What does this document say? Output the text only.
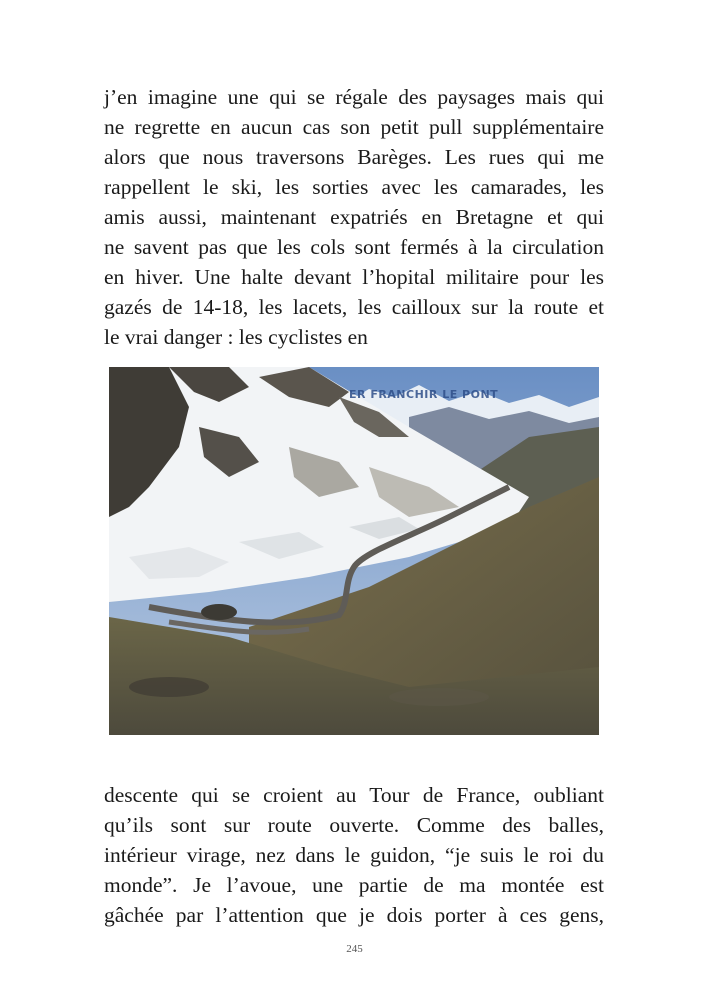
j’en imagine une qui se régale des paysages mais qui
ne regrette en aucun cas son petit pull supplémentaire
alors que nous traversons Barèges. Les rues qui me
rappellent le ski, les sorties avec les camarades, les
amis aussi, maintenant expatriés en Bretagne et qui
ne savent pas que les cols sont fermés à la circulation
en hiver. Une halte devant l’hopital militaire pour les
gazés de 14-18, les lacets, les cailloux sur la route et
le vrai danger : les cyclistes en
ER FRANCHIR LE PONT
descente qui se croient au Tour de France, oubliant
qu’ils sont sur route ouverte. Comme des balles,
intérieur virage, nez dans le guidon, “je suis le roi du
monde”. Je l’avoue, une partie de ma montée est
gâchée par l’attention que je dois porter à ces gens,
245
